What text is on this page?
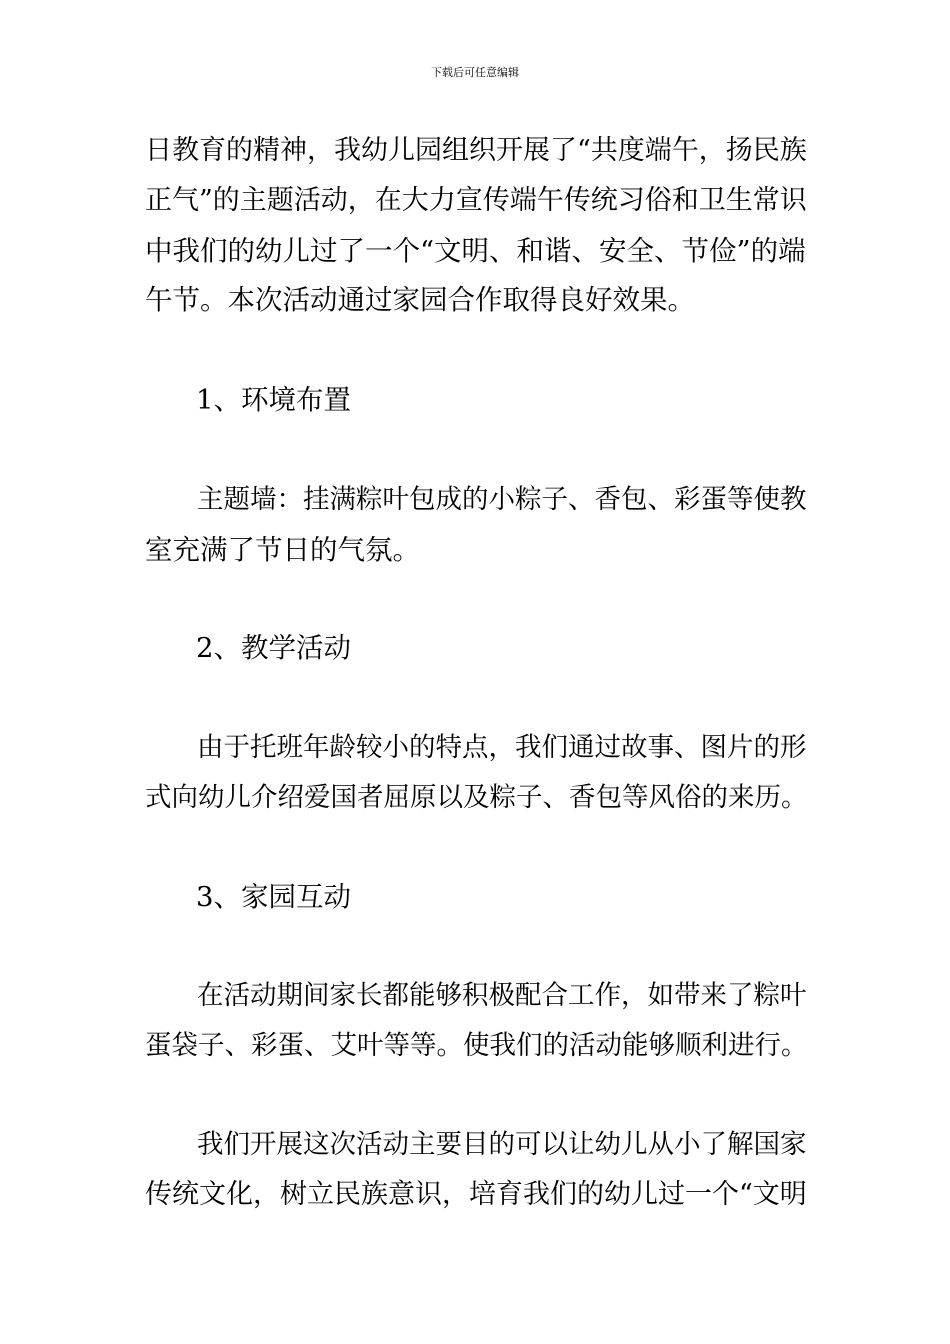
下载后可任意编辑
日教育的精神，我幼儿园组织开展了“共度端午，扬民族
正气”的主题活动，在大力宣传端午传统习俗和卫生常识
中我们的幼儿过了一个“文明、和谐、安全、节俭”的端
午节。本次活动通过家园合作取得良好效果。
1、环境布置
主题墙：挂满粽叶包成的小粽子、香包、彩蛋等使教
室充满了节日的气氛。
2、教学活动
由于托班年龄较小的特点，我们通过故事、图片的形
式向幼儿介绍爱国者屈原以及粽子、香包等风俗的来历。
3、家园互动
在活动期间家长都能够积极配合工作，如带来了粽叶
蛋袋子、彩蛋、艾叶等等。使我们的活动能够顺利进行。
我们开展这次活动主要目的可以让幼儿从小了解国家
传统文化，树立民族意识，培育我们的幼儿过一个“文明
